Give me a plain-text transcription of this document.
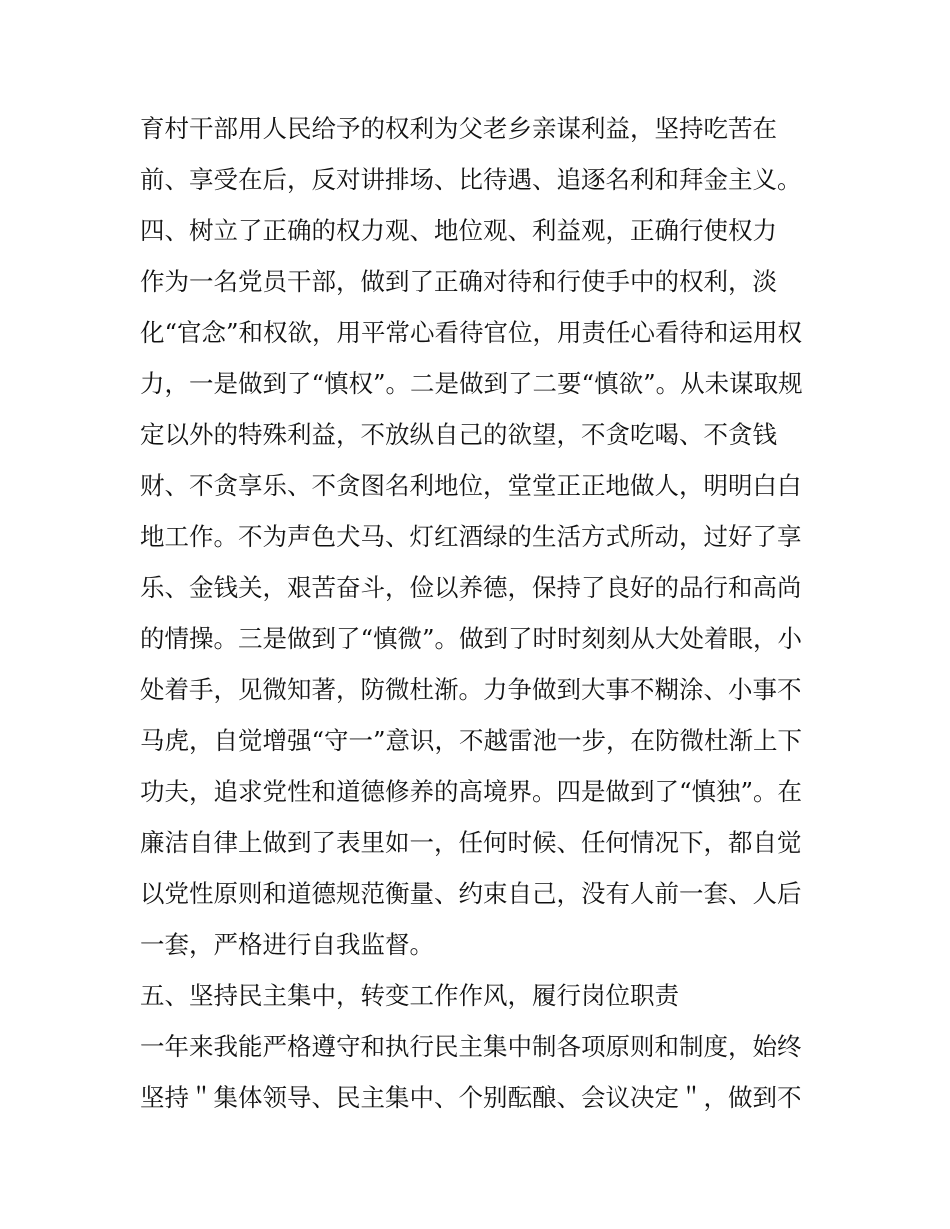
育村干部用人民给予的权利为父老乡亲谋利益，坚持吃苦在
前、享受在后，反对讲排场、比待遇、追逐名利和拜金主义。
四、树立了正确的权力观、地位观、利益观，正确行使权力
作为一名党员干部，做到了正确对待和行使手中的权利，淡
化“官念”和权欲，用平常心看待官位，用责任心看待和运用权
力，一是做到了“慎权”。二是做到了二要“慎欲”。从未谋取规
定以外的特殊利益，不放纵自己的欲望，不贪吃喝、不贪钱
财、不贪享乐、不贪图名利地位，堂堂正正地做人，明明白白
地工作。不为声色犬马、灯红酒绿的生活方式所动，过好了享
乐、金钱关，艰苦奋斗，俭以养德，保持了良好的品行和高尚
的情操。三是做到了“慎微”。做到了时时刻刻从大处着眼，小
处着手，见微知著，防微杜渐。力争做到大事不糊涂、小事不
马虎，自觉增强“守一”意识，不越雷池一步，在防微杜渐上下
功夫，追求党性和道德修养的高境界。四是做到了“慎独”。在
廉洁自律上做到了表里如一，任何时候、任何情况下，都自觉
以党性原则和道德规范衡量、约束自己，没有人前一套、人后
一套，严格进行自我监督。
五、坚持民主集中，转变工作作风，履行岗位职责
一年来我能严格遵守和执行民主集中制各项原则和制度，始终
坚持＂集体领导、民主集中、个别酝酿、会议决定＂，做到不
